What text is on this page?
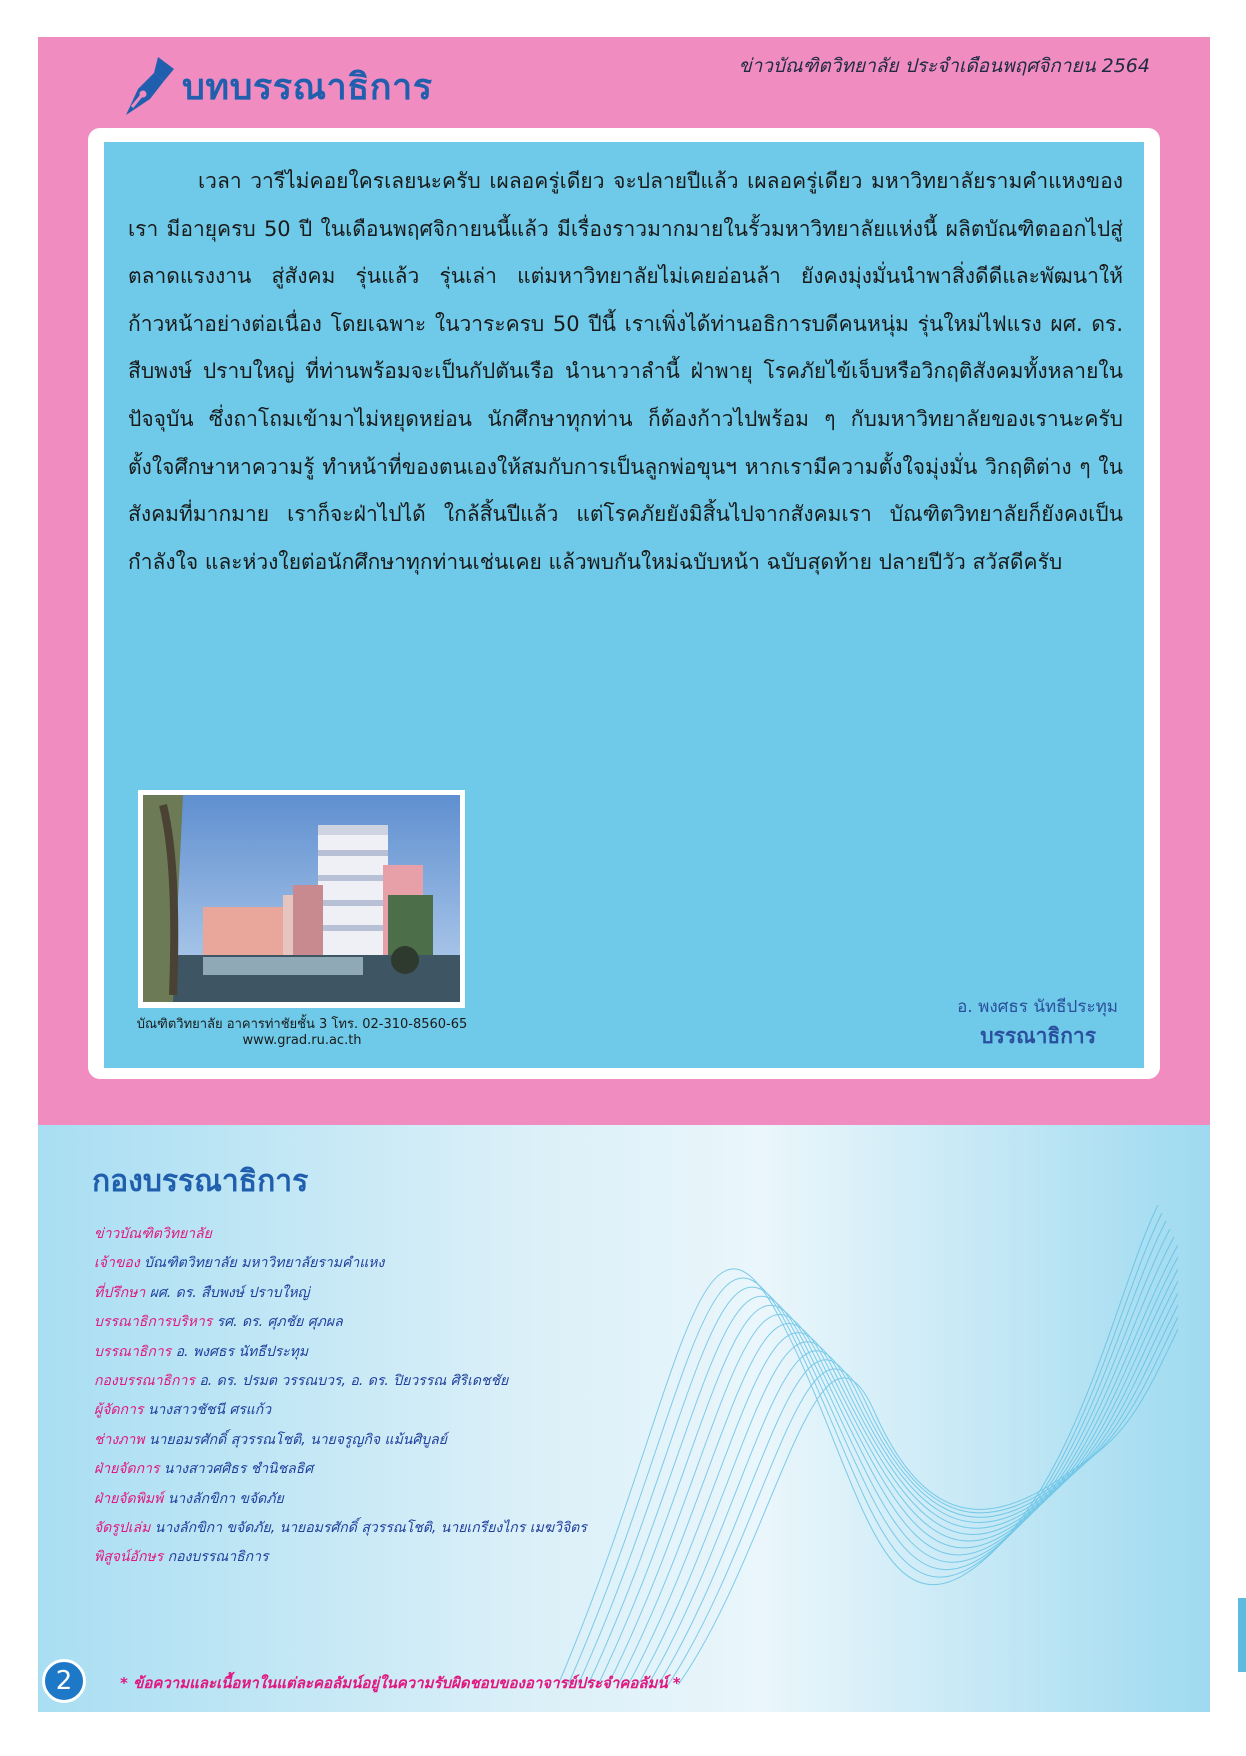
ข่าวบัณฑิตวิทยาลัย ประจำเดือนพฤศจิกายน 2564
บทบรรณาธิการ

เวลา วารีไม่คอยใครเลยนะครับ เผลอครู่เดียว จะปลายปีแล้ว เผลอครู่เดียว มหาวิทยาลัยรามคำแหงของเรา มีอายุครบ 50 ปี ในเดือนพฤศจิกายนนี้แล้ว มีเรื่องราวมากมายในรั้วมหาวิทยาลัยแห่งนี้ ผลิตบัณฑิตออกไปสู่ตลาดแรงงาน สู่สังคม รุ่นแล้ว รุ่นเล่า แต่มหาวิทยาลัยไม่เคยอ่อนล้า ยังคงมุ่งมั่นนำพาสิ่งดีดีและพัฒนาให้ก้าวหน้าอย่างต่อเนื่อง โดยเฉพาะ ในวาระครบ 50 ปีนี้ เราเพิ่งได้ท่านอธิการบดีคนหนุ่ม รุ่นใหม่ไฟแรง ผศ. ดร. สืบพงษ์ ปราบใหญ่ ที่ท่านพร้อมจะเป็นกัปตันเรือ นำนาวาลำนี้ ฝ่าพายุ โรคภัยไข้เจ็บหรือวิกฤติสังคมทั้งหลายในปัจจุบัน ซึ่งถาโถมเข้ามาไม่หยุดหย่อน นักศึกษาทุกท่าน ก็ต้องก้าวไปพร้อม ๆ กับมหาวิทยาลัยของเรานะครับ ตั้งใจศึกษาหาความรู้ ทำหน้าที่ของตนเองให้สมกับการเป็นลูกพ่อขุนฯ หากเรามีความตั้งใจมุ่งมั่น วิกฤติต่าง ๆ ในสังคมที่มากมาย เราก็จะฝ่าไปได้ ใกล้สิ้นปีแล้ว แต่โรคภัยยังมิสิ้นไปจากสังคมเรา บัณฑิตวิทยาลัยก็ยังคงเป็นกำลังใจ และห่วงใยต่อนักศึกษาทุกท่านเช่นเคย แล้วพบกันใหม่ฉบับหน้า ฉบับสุดท้าย ปลายปีวัว สวัสดีครับ

บัณฑิตวิทยาลัย อาคารท่าชัยชั้น 3 โทร. 02-310-8560-65
www.grad.ru.ac.th
อ. พงศธร นัทธีประทุม
บรรณาธิการ
กองบรรณาธิการ
ข่าวบัณฑิตวิทยาลัย
เจ้าของ บัณฑิตวิทยาลัย มหาวิทยาลัยรามคำแหง
ที่ปรึกษา ผศ. ดร. สืบพงษ์ ปราบใหญ่
บรรณาธิการบริหาร รศ. ดร. ศุภชัย ศุภผล
บรรณาธิการ อ. พงศธร นัทธีประทุม
กองบรรณาธิการ อ. ดร. ปรมต วรรณบวร, อ. ดร. ปิยวรรณ ศิริเดชชัย
ผู้จัดการ นางสาวชัชนี ศรแก้ว
ช่างภาพ นายอมรศักดิ์ สุวรรณโชติ, นายจรูญกิจ แม้นศิบูลย์
ฝ่ายจัดการ นางสาวศศิธร ชำนิชลธิศ
ฝ่ายจัดพิมพ์ นางลักขิกา ขจัดภัย
จัดรูปเล่ม นางลักขิกา ขจัดภัย, นายอมรศักดิ์ สุวรรณโชติ, นายเกรียงไกร เมฆวิจิตร
พิสูจน์อักษร กองบรรณาธิการ
2	* ข้อความและเนื้อหาในแต่ละคอลัมน์อยู่ในความรับผิดชอบของอาจารย์ประจำคอลัมน์ *
